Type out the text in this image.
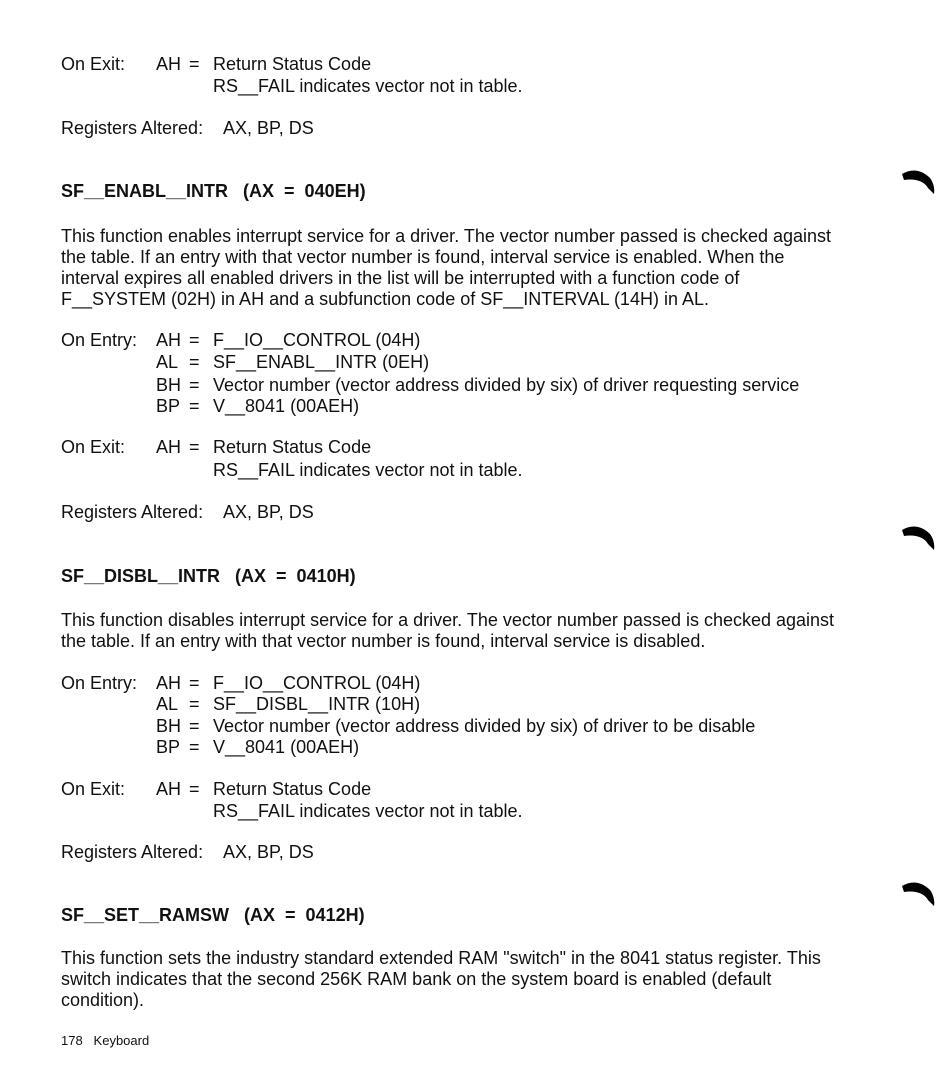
On Exit: AH = Return Status Code
RS__FAIL indicates vector not in table.
Registers Altered: AX, BP, DS
SF__ENABL__INTR   (AX  =  040EH)
This function enables interrupt service for a driver. The vector number passed is checked against
the table. If an entry with that vector number is found, interval service is enabled. When the
interval expires all enabled drivers in the list will be interrupted with a function code of
F__SYSTEM (02H) in AH and a subfunction code of SF__INTERVAL (14H) in AL.
On Entry: AH = F__IO__CONTROL (04H)
AL = SF__ENABL__INTR (0EH)
BH = Vector number (vector address divided by six) of driver requesting service
BP = V__8041 (00AEH)
On Exit: AH = Return Status Code
RS__FAIL indicates vector not in table.
Registers Altered: AX, BP, DS
SF__DISBL__INTR   (AX  =  0410H)
This function disables interrupt service for a driver. The vector number passed is checked against
the table. If an entry with that vector number is found, interval service is disabled.
On Entry: AH = F__IO__CONTROL (04H)
AL = SF__DISBL__INTR (10H)
BH = Vector number (vector address divided by six) of driver to be disable
BP = V__8041 (00AEH)
On Exit: AH = Return Status Code
RS__FAIL indicates vector not in table.
Registers Altered: AX, BP, DS
SF__SET__RAMSW   (AX  =  0412H)
This function sets the industry standard extended RAM "switch" in the 8041 status register. This
switch indicates that the second 256K RAM bank on the system board is enabled (default
condition).
178 Keyboard
